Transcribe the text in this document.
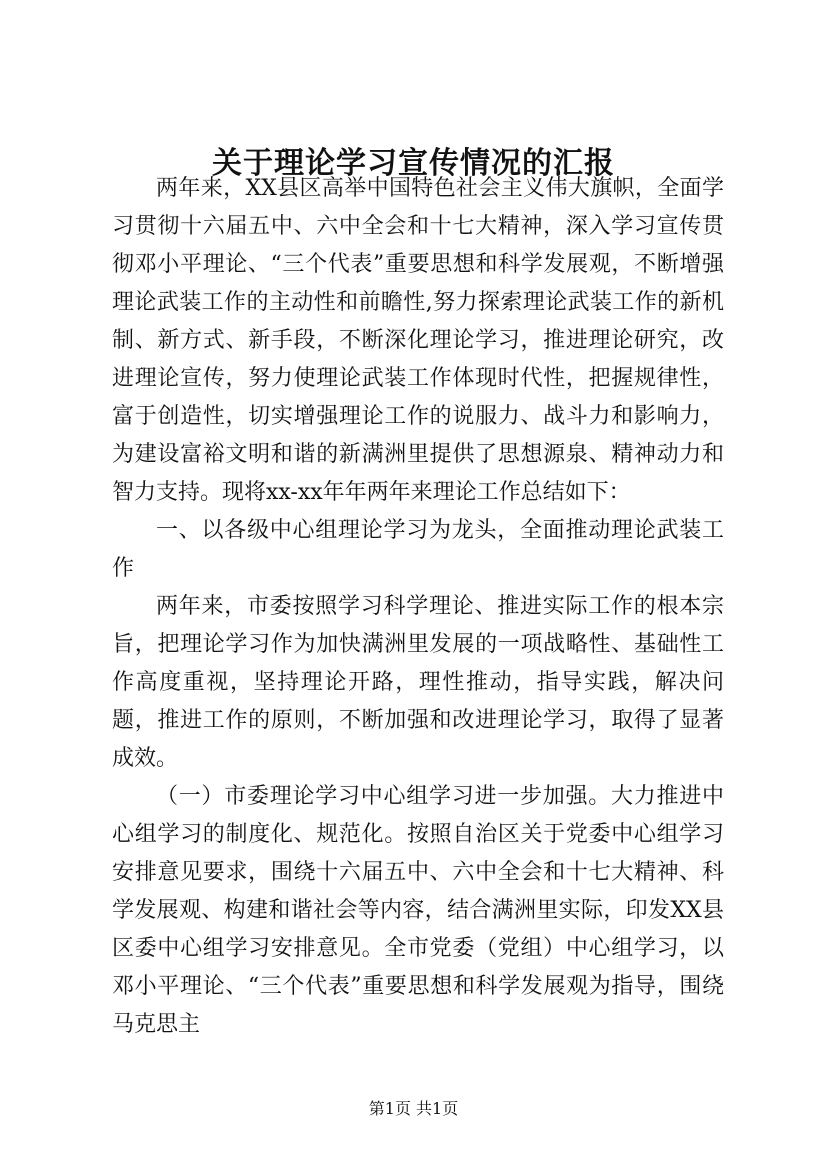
关于理论学习宣传情况的汇报

两年来，XX县区高举中国特色社会主义伟大旗帜，全面学习贯彻十六届五中、六中全会和十七大精神，深入学习宣传贯彻邓小平理论、“三个代表”重要思想和科学发展观，不断增强理论武装工作的主动性和前瞻性,努力探索理论武装工作的新机制、新方式、新手段，不断深化理论学习，推进理论研究，改进理论宣传，努力使理论武装工作体现时代性，把握规律性，富于创造性，切实增强理论工作的说服力、战斗力和影响力，为建设富裕文明和谐的新满洲里提供了思想源泉、精神动力和智力支持。现将xx-xx年年两年来理论工作总结如下：

一、以各级中心组理论学习为龙头，全面推动理论武装工作

两年来，市委按照学习科学理论、推进实际工作的根本宗旨，把理论学习作为加快满洲里发展的一项战略性、基础性工作高度重视，坚持理论开路，理性推动，指导实践，解决问题，推进工作的原则，不断加强和改进理论学习，取得了显著成效。

（一）市委理论学习中心组学习进一步加强。大力推进中心组学习的制度化、规范化。按照自治区关于党委中心组学习安排意见要求，围绕十六届五中、六中全会和十七大精神、科学发展观、构建和谐社会等内容，结合满洲里实际，印发XX县区委中心组学习安排意见。全市党委（党组）中心组学习，以邓小平理论、“三个代表”重要思想和科学发展观为指导，围绕马克思主

第1页 共1页
